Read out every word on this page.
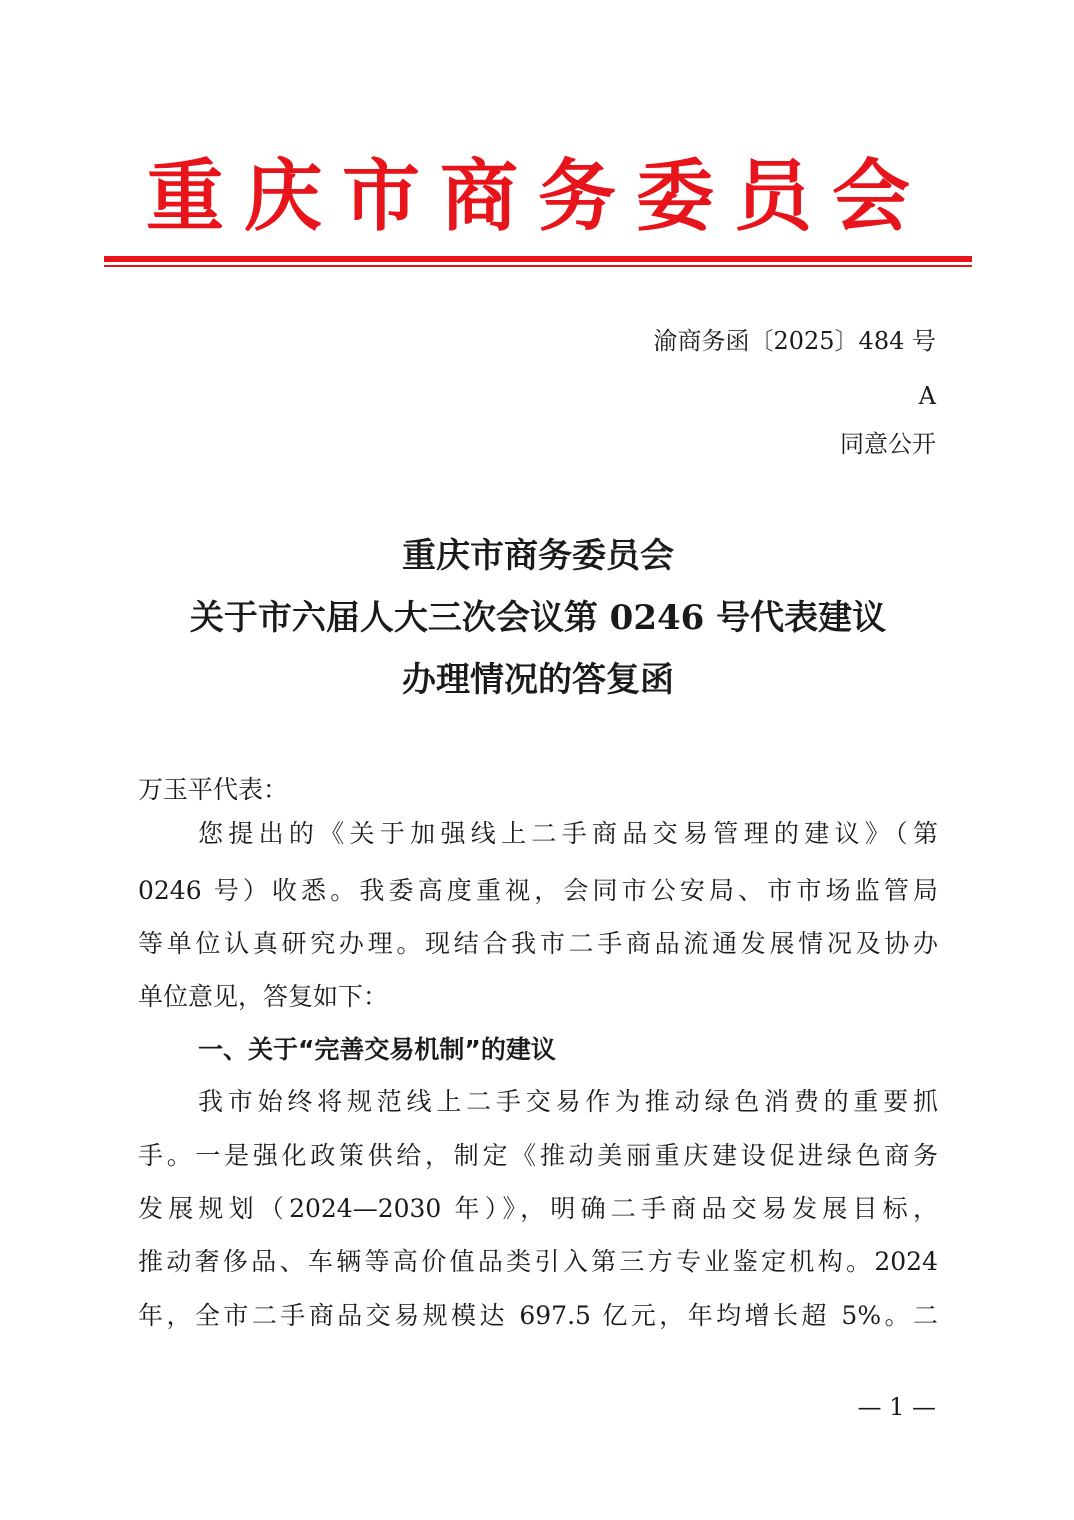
重庆市商务委员会
渝商务函〔2025〕484 号
A
同意公开
重庆市商务委员会
关于市六届人大三次会议第 0246 号代表建议
办理情况的答复函
万玉平代表：
您提出的《关于加强线上二手商品交易管理的建议》（第
0246 号）收悉。我委高度重视，会同市公安局、市市场监管局
等单位认真研究办理。现结合我市二手商品流通发展情况及协办
单位意见，答复如下：
一、关于“完善交易机制”的建议
我市始终将规范线上二手交易作为推动绿色消费的重要抓
手。一是强化政策供给，制定《推动美丽重庆建设促进绿色商务
发展规划（2024—2030 年）》，明确二手商品交易发展目标，
推动奢侈品、车辆等高价值品类引入第三方专业鉴定机构。2024
年，全市二手商品交易规模达 697.5 亿元，年均增长超 5%。二
— 1 —
